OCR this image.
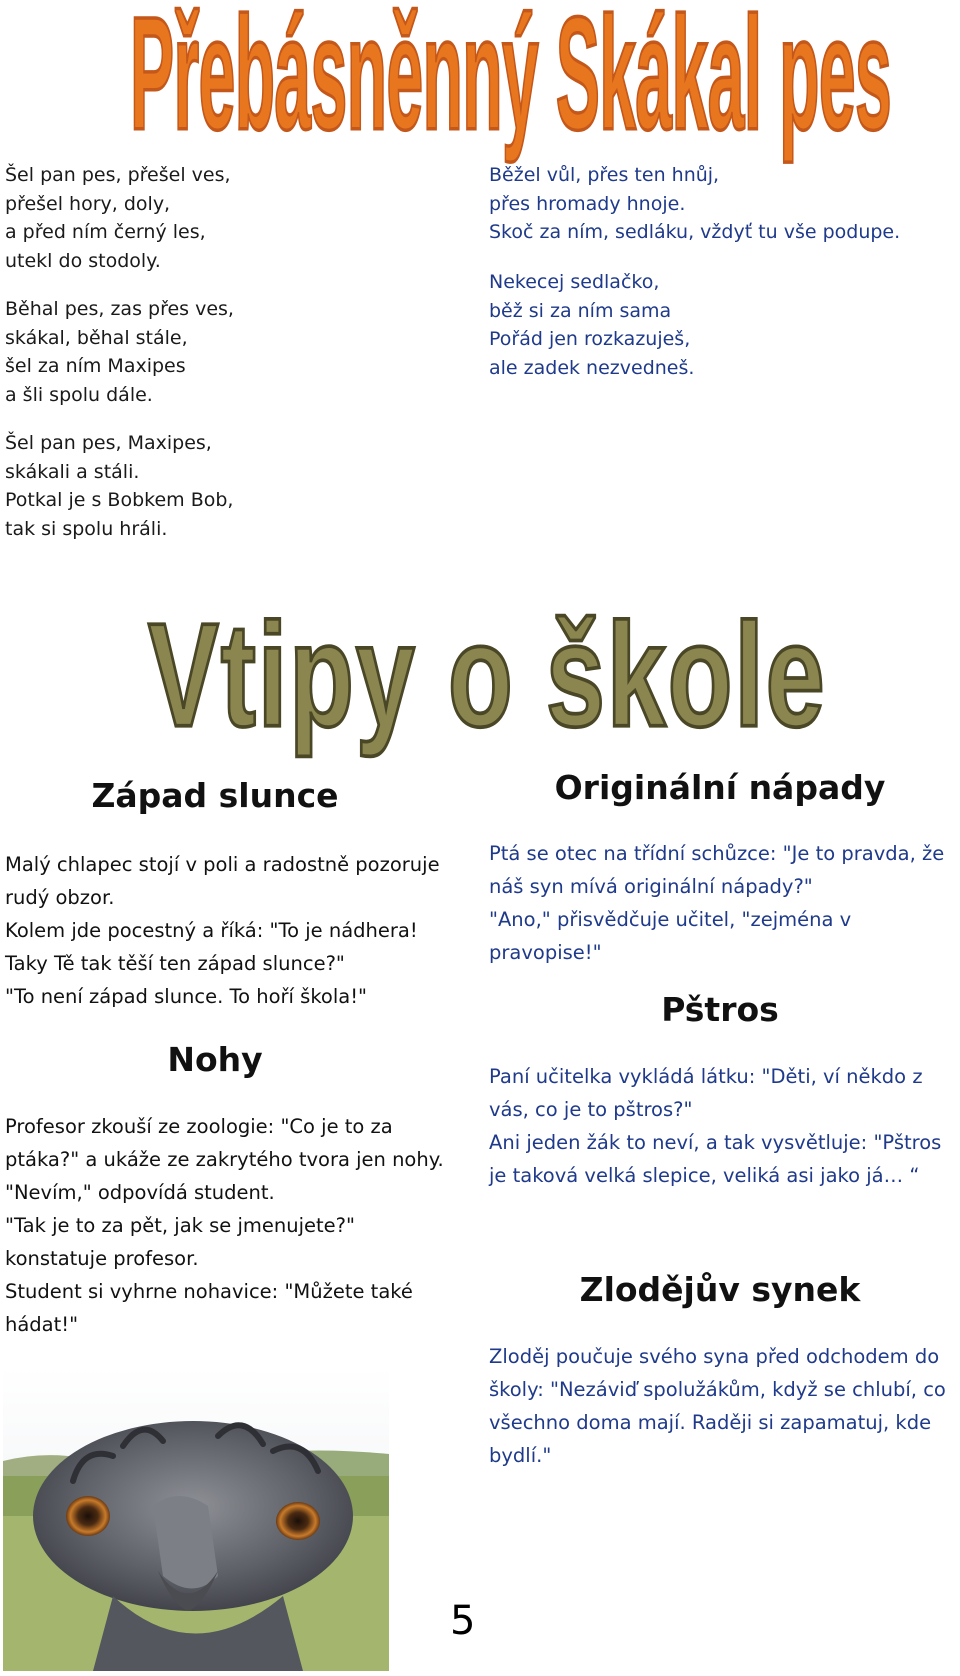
Přebásněnný Skákal pes

Šel pan pes, přešel ves,
přešel hory, doly,
a před ním černý les,
utekl do stodoly.

Běhal pes, zas přes ves,
skákal, běhal stále,
šel za ním Maxipes
a šli spolu dále.

Šel pan pes, Maxipes,
skákali a stáli.
Potkal je s Bobkem Bob,
tak si spolu hráli.

Běžel vůl, přes ten hnůj,
přes hromady hnoje.
Skoč za ním, sedláku, vždyť tu vše podupe.

Nekecej sedlačko,
běž si za ním sama
Pořád jen rozkazuješ,
ale zadek nezvedneš.

Vtipy o škole
Západ slunce

Malý chlapec stojí v poli a radostně pozoruje
rudý obzor.
Kolem jde pocestný a říká: "To je nádhera!
Taky Tě tak těší ten západ slunce?"
"To není západ slunce. To hoří škola!"

Nohy

Profesor zkouší ze zoologie: "Co je to za
ptáka?" a ukáže ze zakrytého tvora jen nohy.
"Nevím," odpovídá student.
"Tak je to za pět, jak se jmenujete?"
konstatuje profesor.
Student si vyhrne nohavice: "Můžete také
hádat!"

Originální nápady

Ptá se otec na třídní schůzce: "Je to pravda, že
náš syn mívá originální nápady?"
"Ano," přisvědčuje učitel, "zejména v
pravopise!"

Pštros

Paní učitelka vykládá látku: "Děti, ví někdo z
vás, co je to pštros?"
Ani jeden žák to neví, a tak vysvětluje: "Pštros
je taková velká slepice, veliká asi jako já… “

Zlodějův synek

Zloděj poučuje svého syna před odchodem do
školy: "Nezáviď spolužákům, když se chlubí, co
všechno doma mají. Raději si zapamatuj, kde
bydlí."

5
